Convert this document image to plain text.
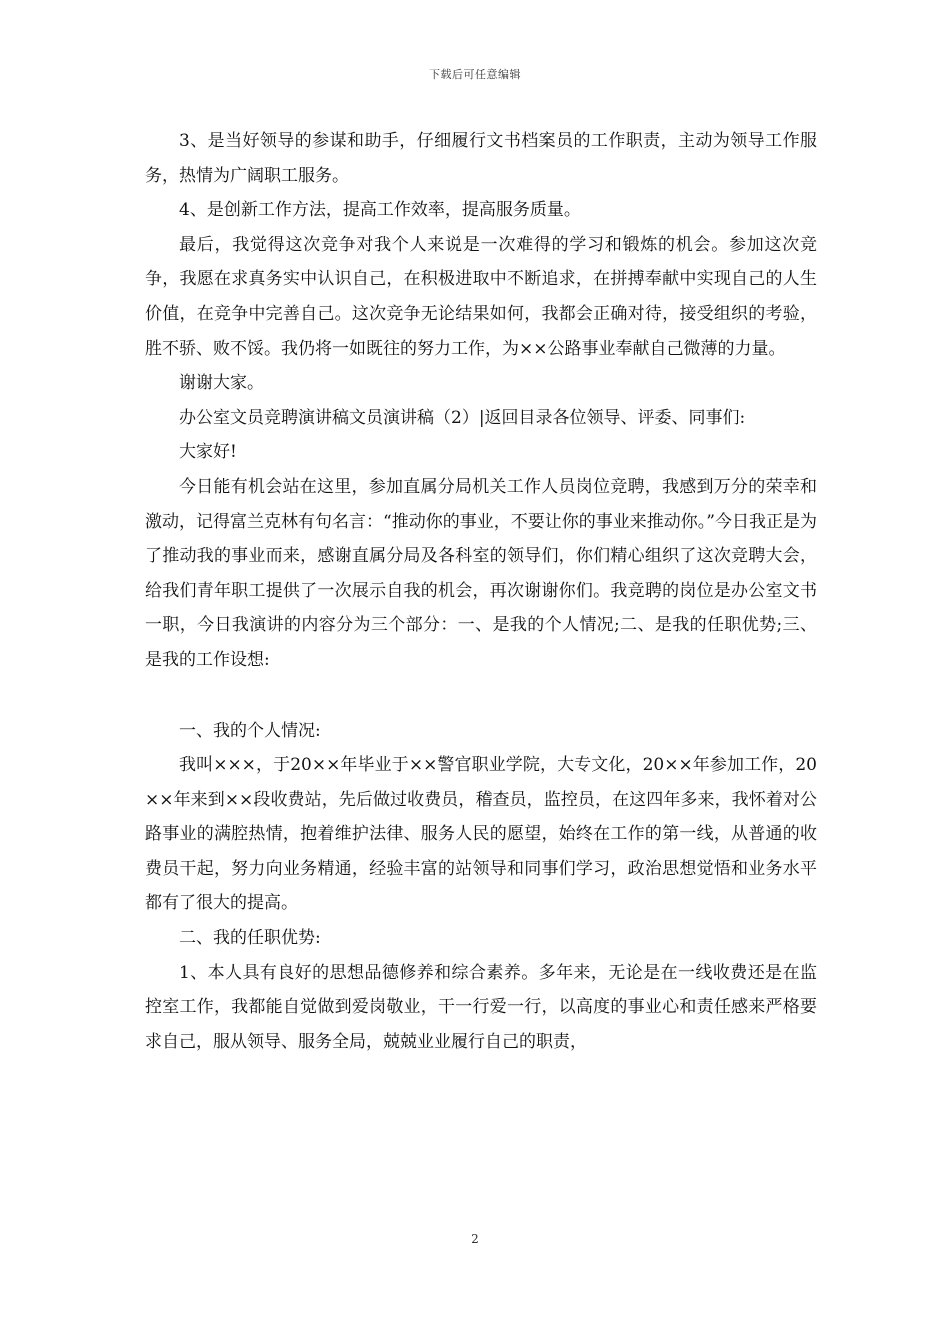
下载后可任意编辑

3、是当好领导的参谋和助手，仔细履行文书档案员的工作职责，主动为领导工作服务，热情为广阔职工服务。

4、是创新工作方法，提高工作效率，提高服务质量。

最后，我觉得这次竞争对我个人来说是一次难得的学习和锻炼的机会。参加这次竞争，我愿在求真务实中认识自己，在积极进取中不断追求，在拼搏奉献中实现自己的人生价值，在竞争中完善自己。这次竞争无论结果如何，我都会正确对待，接受组织的考验，胜不骄、败不馁。我仍将一如既往的努力工作，为××公路事业奉献自己微薄的力量。

谢谢大家。

办公室文员竞聘演讲稿文员演讲稿（2）|返回目录各位领导、评委、同事们:

大家好!

今日能有机会站在这里，参加直属分局机关工作人员岗位竞聘，我感到万分的荣幸和激动，记得富兰克林有句名言：“推动你的事业，不要让你的事业来推动你。”今日我正是为了推动我的事业而来，感谢直属分局及各科室的领导们，你们精心组织了这次竞聘大会，给我们青年职工提供了一次展示自我的机会，再次谢谢你们。我竞聘的岗位是办公室文书一职，今日我演讲的内容分为三个部分：一、是我的个人情况;二、是我的任职优势;三、是我的工作设想:

一、我的个人情况:

我叫×××，于20××年毕业于××警官职业学院，大专文化，20××年参加工作，20××年来到××段收费站，先后做过收费员，稽查员，监控员，在这四年多来，我怀着对公路事业的满腔热情，抱着维护法律、服务人民的愿望，始终在工作的第一线，从普通的收费员干起，努力向业务精通，经验丰富的站领导和同事们学习，政治思想觉悟和业务水平都有了很大的提高。

二、我的任职优势:

1、本人具有良好的思想品德修养和综合素养。多年来，无论是在一线收费还是在监控室工作，我都能自觉做到爱岗敬业，干一行爱一行，以高度的事业心和责任感来严格要求自己，服从领导、服务全局，兢兢业业履行自己的职责，

2
